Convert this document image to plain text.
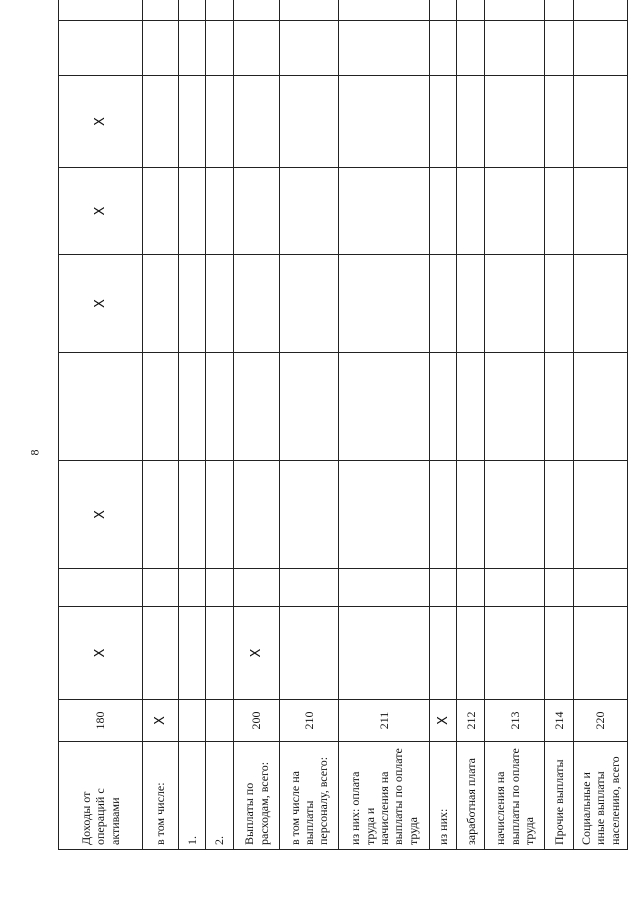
8
Доходы от операций с активами	180	X		X		X	X	X		
в том числе:	X									
1.										
2.										
Выплаты по расходам, всего:	200	X								
в том числе на выплаты персоналу, всего:	210									
из них: оплата труда и начисления на выплаты по оплате труда	211									
из них:	X									
заработная плата	212									
начисления на выплаты по оплате труда	213									
Прочие выплаты	214									
Социальные и иные выплаты населению, всего	220									
